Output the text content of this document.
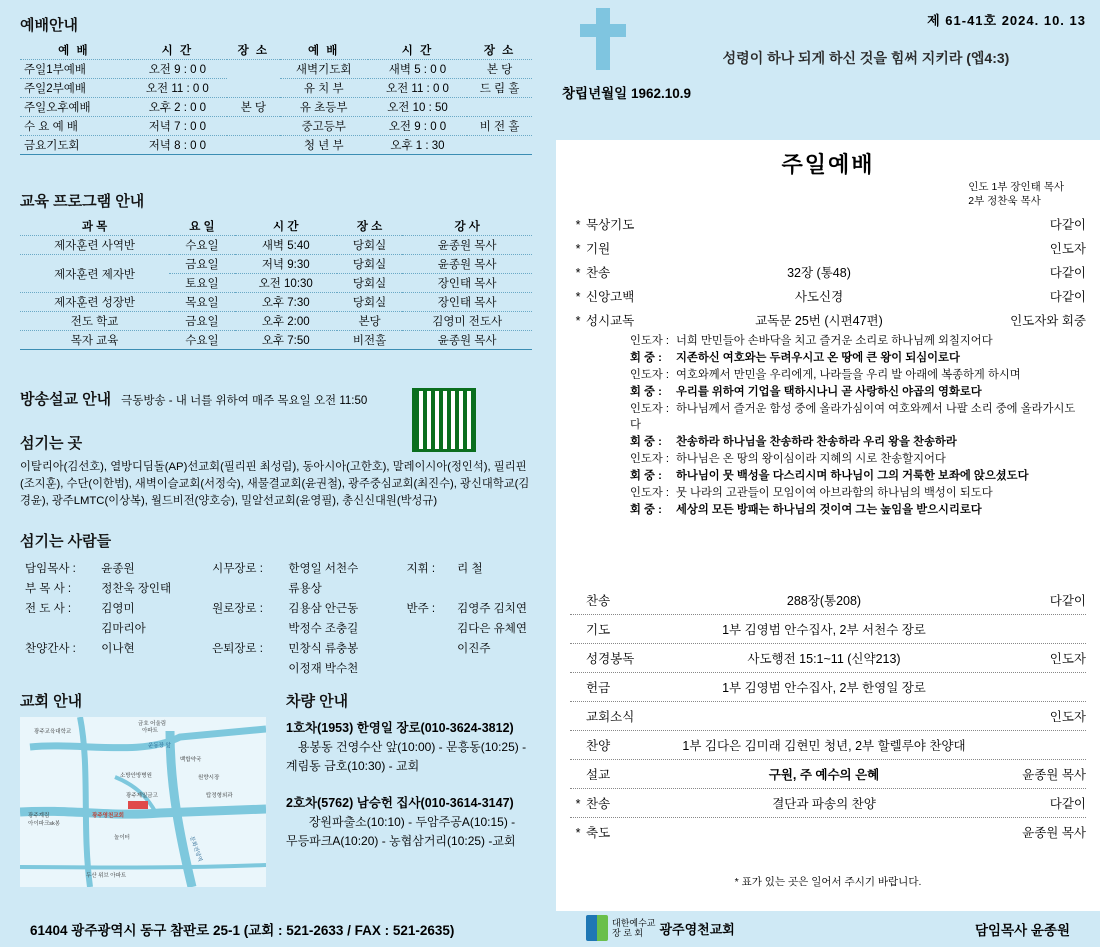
예배안내
예 배	시 간	장 소	예 배	시 간	장 소
주일1부예배	오전 9 : 0 0		새벽기도회	새벽 5 : 0 0	본 당
주일2부예배	오전 11 : 0 0		유 치 부	오전 11 : 0 0	드 림 홀
주일오후예배	오후 2 : 0 0	본 당	유 초등부	오전 10 : 50	
수 요 예 배	저녁 7 : 0 0		중고등부	오전 9 : 0 0	비 전 홀
금요기도회	저녁 8 : 0 0		청 년 부	오후 1 : 30	
교육 프로그램 안내
과 목	요 일	시 간	장 소	강 사
제자훈련 사역반	수요일	새벽 5:40	당회실	윤종원 목사
제자훈련 제자반	금요일	저녁 9:30	당회실	윤종원 목사
	토요일	오전 10:30	당회실	장인태 목사
제자훈련 성장반	목요일	오후 7:30	당회실	장인태 목사
전도 학교	금요일	오후 2:00	본당	김영미 전도사
목자 교육	수요일	오후 7:50	비전홀	윤종원 목사
방송설교 안내 극동방송 - 내 너를 위하여 매주 목요일 오전 11:50
섬기는 곳
이탈리아(김선호), 열방디딤돌(AP)선교회(필리핀 최성림), 동아시아(고한호), 말레이시아(정인석), 필리핀(조지훈), 수단(이한범), 새벽이슬교회(서정숙), 새물결교회(윤권철), 광주중심교회(최진수), 광신대학교(김경윤), 광주LMTC(이상복), 월드비전(양호승), 밀알선교회(윤영필), 총신신대원(박성규)
섬기는 사람들
담임목사 :	윤종원	시무장로 :	한영일 서천수	지휘 :	리 철
부 목 사 :	정찬욱 장인태		류용상		
전 도 사 :	김영미	원로장로 :	김용삼 안근동	반주 :	김영주 김치연
	김마리아		박정수 조충길		김다은 유체연
찬양간사 :	이나현	은퇴장로 :	민창식 류충봉		이진주
			이정재 박수천		
교회 안내
광주교육대학교
금호 어울림
아파트
운동장 앞
백합약국
소방안방병원	원향시장
광주계림
아이파크sk봉
광주제일금고	탑정형외과
광주영천교회
놀이터
두산 위브 아파트
문화전당역
차량 안내
1호차(1953) 한영일 장로(010-3624-3812)
용봉동 건영수산 앞(10:00) - 문흥동(10:25) -
계림동 금호(10:30) - 교회
2호차(5762) 남승헌 집사(010-3614-3147)
장원파출소(10:10) - 두암주공A(10:15) -
무등파크A(10:20) - 농협삼거리(10:25) -교회
제 61-41호 2024. 10. 13
성령이 하나 되게 하신 것을 힘써 지키라 (엡4:3)
창립년월일 1962.10.9
주일예배
인도 1부 장인태 목사
2부 정찬욱 목사
* 묵상기도	다같이
* 기원	인도자
* 찬송	32장 (통48)	다같이
* 신앙고백	사도신경	다같이
* 성시교독	교독문 25번 (시편47편)	인도자와 회중
인도자 : 너희 만민들아 손바닥을 치고 즐거운 소리로 하나님께 외칠지어다
회 중 : 지존하신 여호와는 두려우시고 온 땅에 큰 왕이 되심이로다
인도자 : 여호와께서 만민을 우리에게, 나라들을 우리 발 아래에 복종하게 하시며
회 중 : 우리를 위하여 기업을 택하시나니 곧 사랑하신 야곱의 영화로다
인도자 : 하나님께서 즐거운 함성 중에 올라가심이여 여호와께서 나팔 소리 중에 올라가시도다
회 중 : 찬송하라 하나님을 찬송하라 찬송하라 우리 왕을 찬송하라
인도자 : 하나님은 온 땅의 왕이심이라 지혜의 시로 찬송할지어다
회 중 : 하나님이 뭇 백성을 다스리시며 하나님이 그의 거룩한 보좌에 앉으셨도다
인도자 : 뭇 나라의 고관들이 모임이여 아브라함의 하나님의 백성이 되도다
회 중 : 세상의 모든 방패는 하나님의 것이여 그는 높임을 받으시리로다
찬송	288장(통208)	다같이
기도	1부 김영범 안수집사, 2부 서천수 장로
성경봉독	사도행전 15:1~11 (신약213)	인도자
헌금	1부 김영범 안수집사, 2부 한영일 장로
교회소식	인도자
찬양	1부 김다은 김미래 김현민 청년, 2부 할렐루야 찬양대
설교	구원, 주 예수의 은혜	윤종원 목사
* 찬송	결단과 파송의 찬양	다같이
* 축도	윤종원 목사
* 표가 있는 곳은 일어서 주시기 바랍니다.
61404 광주광역시 동구 참판로 25-1 (교회 : 521-2633 / FAX : 521-2635)	대한예수교
장 로 회	광주영천교회	담임목사 윤종원
